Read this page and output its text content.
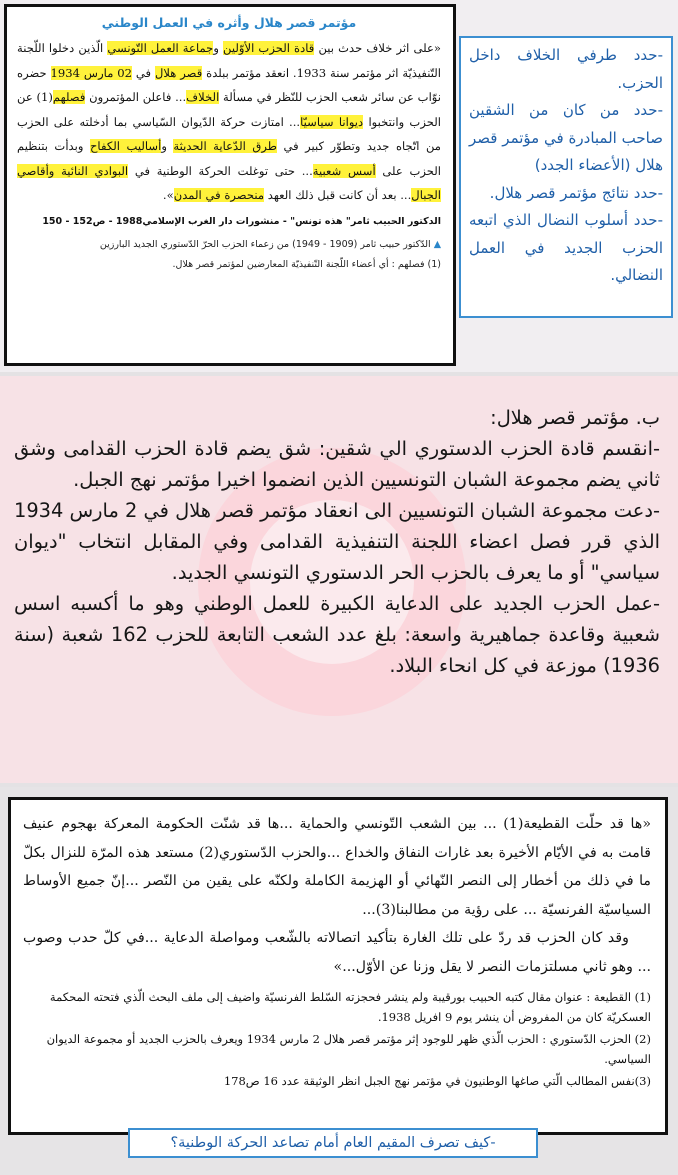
مؤتمر قصر هلال وأثره في العمل الوطني
«على اثر خلاف حدث بين قادة الحزب الأوّلين وجماعة العمل التّونسي الّذين دخلوا اللّجنة التّنفيذيّة اثر مؤتمر سنة 1933. انعقد مؤتمر ببلدة قصر هلال في 02 مارس 1934 حضره نوّاب عن سائر شعب الحزب للنّظر في مسألة الخلاف... فاعلن المؤتمرون فصلهم(1) عن الحزب وانتخبوا ديوانا سياسيّا... امتازت حركة الدّيوان السّياسي بما أدخلته على الحزب من اتّجاه جديد وتطوّر كبير في طرق الدّعاية الحديثة وأساليب الكفاح وبدأت بتنظيم الحزب على أسس شعبية... حتى توغلت الحركة الوطنية في البوادي النائية وأقاصي الجبال... بعد أن كانت قبل ذلك العهد منحصرة في المدن».
الدكتور الحبيب ثامر" هذه تونس" - منشورات دار الغرب الإسلامي1988 - ص152 - 150
▲ الدّكتور حبيب ثامر (1909 - 1949) من زعماء الحزب الحرّ الدّستوري الجديد البارزين
(1) فصلهم : أي أعضاء اللّجنة التّنفيذيّة المعارضين لمؤتمر قصر هلال.
-حدد طرفي الخلاف داخل الحزب.
-حدد من كان من الشقين صاحب المبادرة في مؤتمر قصر هلال (الأعضاء الجدد)
-حدد نتائج مؤتمر قصر هلال.
-حدد أسلوب النضال الذي اتبعه الحزب الجديد في العمل النضالي.
ب. مؤتمر قصر هلال:
-انقسم قادة الحزب الدستوري الي شقين: شق يضم قادة الحزب القدامى وشق ثاني يضم مجموعة الشبان التونسيين الذين انضموا اخيرا مؤتمر نهج الجبل.
-دعت مجموعة الشبان التونسيين الى انعقاد مؤتمر قصر هلال في 2 مارس 1934 الذي قرر فصل اعضاء اللجنة التنفيذية القدامى وفي المقابل انتخاب "ديوان سياسي" أو ما يعرف بالحزب الحر الدستوري التونسي الجديد.
-عمل الحزب الجديد على الدعاية الكبيرة للعمل الوطني وهو ما أكسبه اسس شعبية وقاعدة جماهيرية واسعة: بلغ عدد الشعب التابعة للحزب 162 شعبة (سنة 1936) موزعة في كل انحاء البلاد.

«ها قد حلّت القطيعة(1) ... بين الشعب التّونسي والحماية ...ها قد شنّت الحكومة المعركة بهجوم عنيف قامت به في الأيّام الأخيرة بعد غارات النفاق والخداع ...والحزب الدّستوري(2) مستعد هذه المرّة للنزال بكلّ ما في ذلك من أخطار إلى النصر النّهائي أو الهزيمة الكاملة ولكنّه على يقين من النّصر ...إنّ جميع الأوساط السياسيّة الفرنسيّة ... على رؤية من مطالبنا(3)...

وقد كان الحزب قد ردّ على تلك الغارة بتأكيد اتصالاته بالشّعب ومواصلة الدعاية ...في كلّ حدب وصوب ... وهو ثاني مسلتزمات النصر لا يقل وزنا عن الأوّل...»

(1) القطيعة : عنوان مقال كتبه الحبيب بورقيبة ولم ينشر فحجزته السّلط الفرنسيّة واضيف إلى ملف البحث الّذي فتحته المحكمة العسكريّة كان من المفروض أن ينشر يوم 9 افريل 1938.

(2) الحزب الدّستوري : الحزب الّذي ظهر للوجود إثر مؤتمر قصر هلال 2 مارس 1934 ويعرف بالحزب الجديد أو مجموعة الديوان السياسي.

(3)نفس المطالب الّتي صاغها الوطنيون في مؤتمر نهج الجبل انظر الوثيقة عدد 16 ص178

-كيف تصرف المقيم العام أمام تصاعد الحركة الوطنية؟
